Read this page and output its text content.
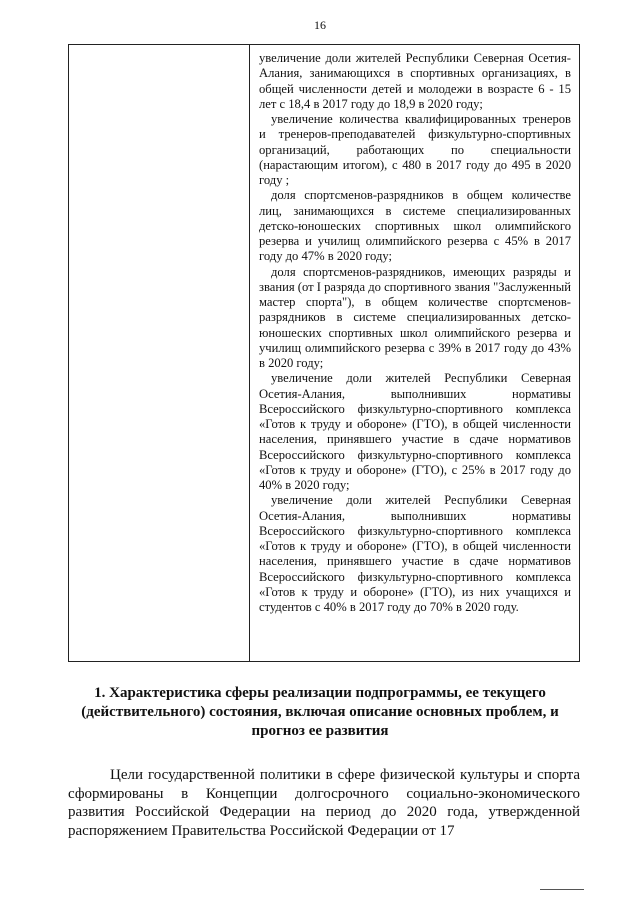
16

увеличение доли жителей Республики Северная Осетия-Алания, занимающихся в спортивных организациях, в общей численности детей и молодежи в возрасте 6 - 15 лет с 18,4 в 2017 году до 18,9 в 2020 году;

увеличение количества квалифицированных тренеров и тренеров-преподавателей физкультурно-спортивных организаций, работающих по специальности (нарастающим итогом), с 480 в 2017 году до 495 в 2020 году ;

доля спортсменов-разрядников в общем количестве лиц, занимающихся в системе специализированных детско-юношеских спортивных школ олимпийского резерва и училищ олимпийского резерва с 45% в 2017 году до 47% в 2020 году;

доля спортсменов-разрядников, имеющих разряды и звания (от I разряда до спортивного звания "Заслуженный мастер спорта"), в общем количестве спортсменов-разрядников в системе специализированных детско-юношеских спортивных школ олимпийского резерва и училищ олимпийского резерва с 39% в 2017 году до 43% в 2020 году;

увеличение доли жителей Республики Северная Осетия-Алания, выполнивших нормативы Всероссийского физкультурно-спортивного комплекса «Готов к труду и обороне» (ГТО), в общей численности населения, принявшего участие в сдаче нормативов Всероссийского физкультурно-спортивного комплекса «Готов к труду и обороне» (ГТО), с 25% в 2017 году до 40% в 2020 году;

увеличение доли жителей Республики Северная Осетия-Алания, выполнивших нормативы Всероссийского физкультурно-спортивного комплекса «Готов к труду и обороне» (ГТО), в общей численности населения, принявшего участие в сдаче нормативов Всероссийского физкультурно-спортивного комплекса «Готов к труду и обороне» (ГТО), из них учащихся и студентов с 40% в 2017 году до 70% в 2020 году.

1. Характеристика сферы реализации подпрограммы, ее текущего (действительного) состояния, включая описание основных проблем, и прогноз ее развития

Цели государственной политики в сфере физической культуры и спорта сформированы в Концепции долгосрочного социально-экономического развития Российской Федерации на период до 2020 года, утвержденной распоряжением Правительства Российской Федерации от 17
